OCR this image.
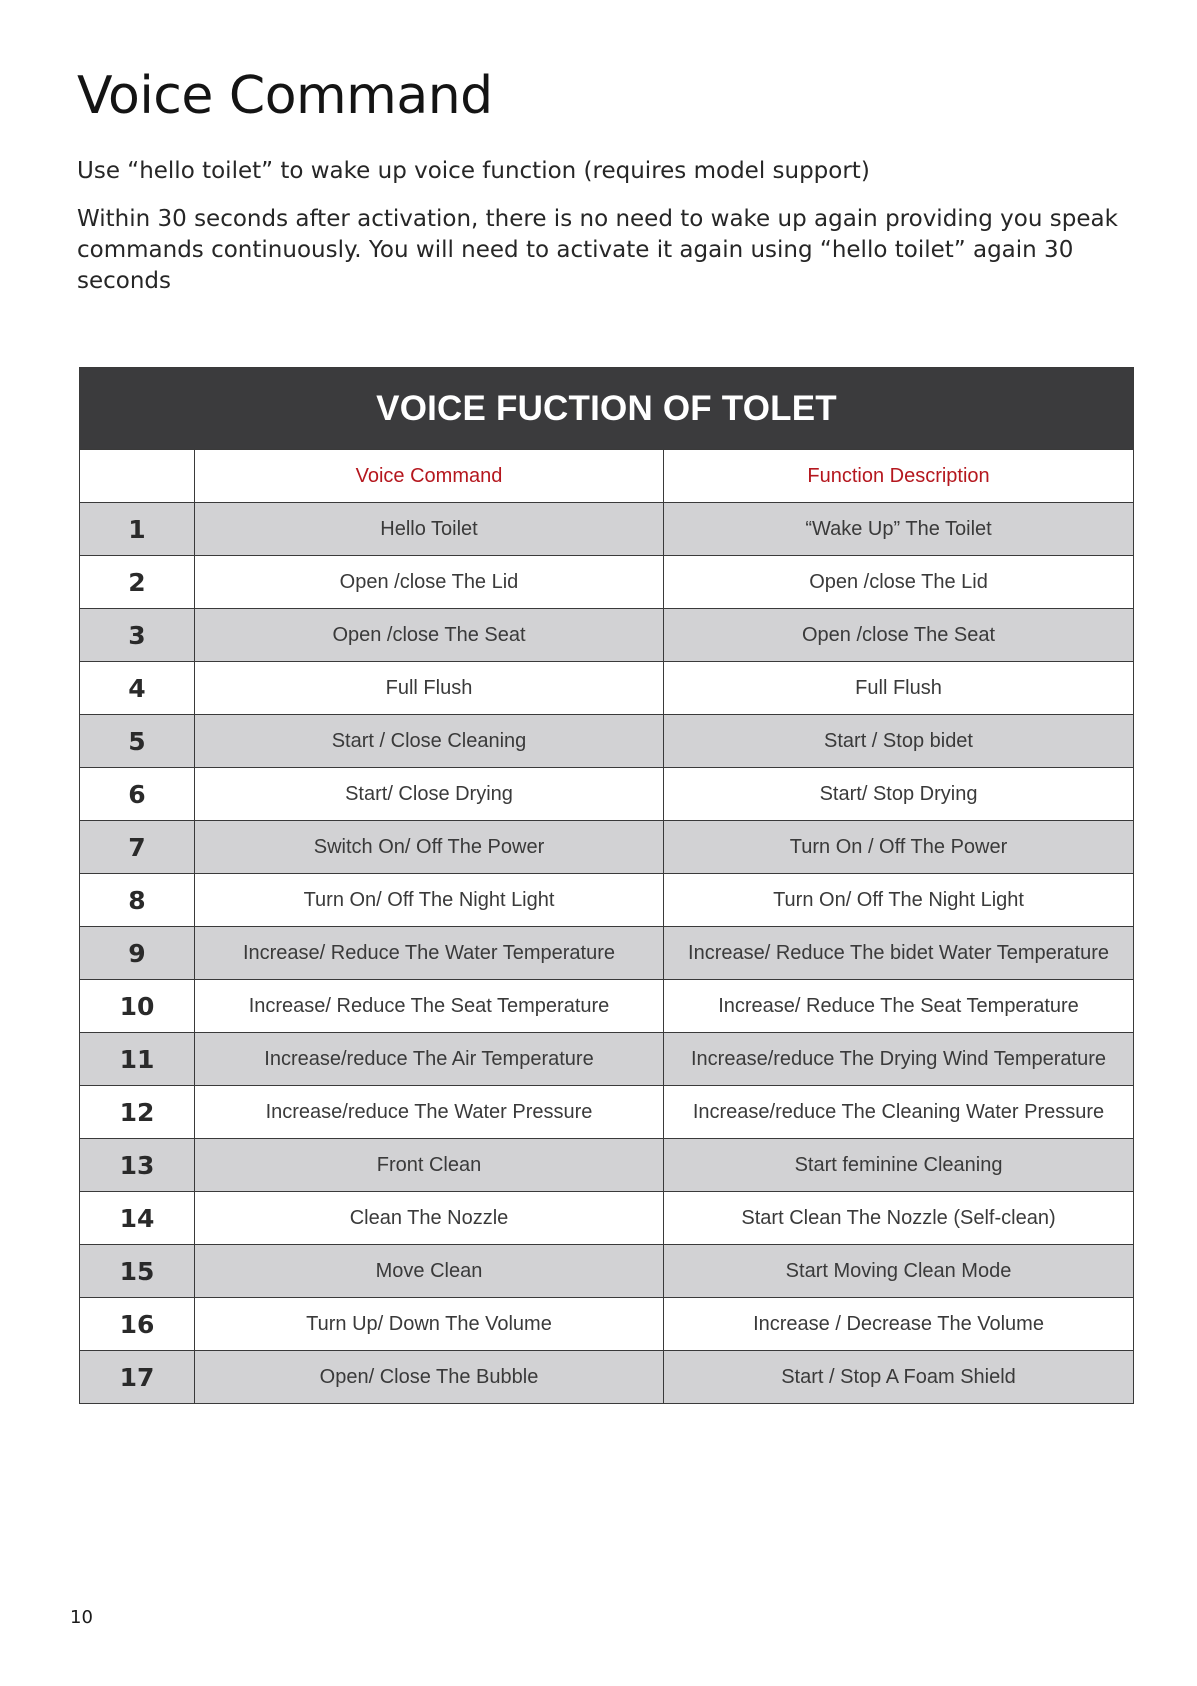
Voice Command

Use “hello toilet” to wake up voice function (requires model support)

Within 30 seconds after activation, there is no need to wake up again providing you speak commands continuously. You will need to activate it again using “hello toilet” again 30 seconds

VOICE FUCTION OF TOLET		
	Voice Command	Function Description
1	Hello Toilet	“Wake Up” The Toilet
2	Open /close The Lid	Open /close The Lid
3	Open /close The Seat	Open /close The Seat
4	Full Flush	Full Flush
5	Start / Close Cleaning	Start / Stop bidet
6	Start/ Close Drying	Start/ Stop Drying
7	Switch On/ Off The Power	Turn On / Off The Power
8	Turn On/ Off The Night Light	Turn On/ Off The Night Light
9	Increase/ Reduce The Water Temperature	Increase/ Reduce The bidet Water Temperature
10	Increase/ Reduce The Seat Temperature	Increase/ Reduce The Seat Temperature
11	Increase/reduce The Air Temperature	Increase/reduce The Drying Wind Temperature
12	Increase/reduce The Water Pressure	Increase/reduce The Cleaning Water Pressure
13	Front Clean	Start feminine Cleaning
14	Clean The Nozzle	Start Clean The Nozzle (Self-clean)
15	Move Clean	Start Moving Clean Mode
16	Turn Up/ Down The Volume	Increase / Decrease The Volume
17	Open/ Close The Bubble	Start / Stop A Foam Shield
10
